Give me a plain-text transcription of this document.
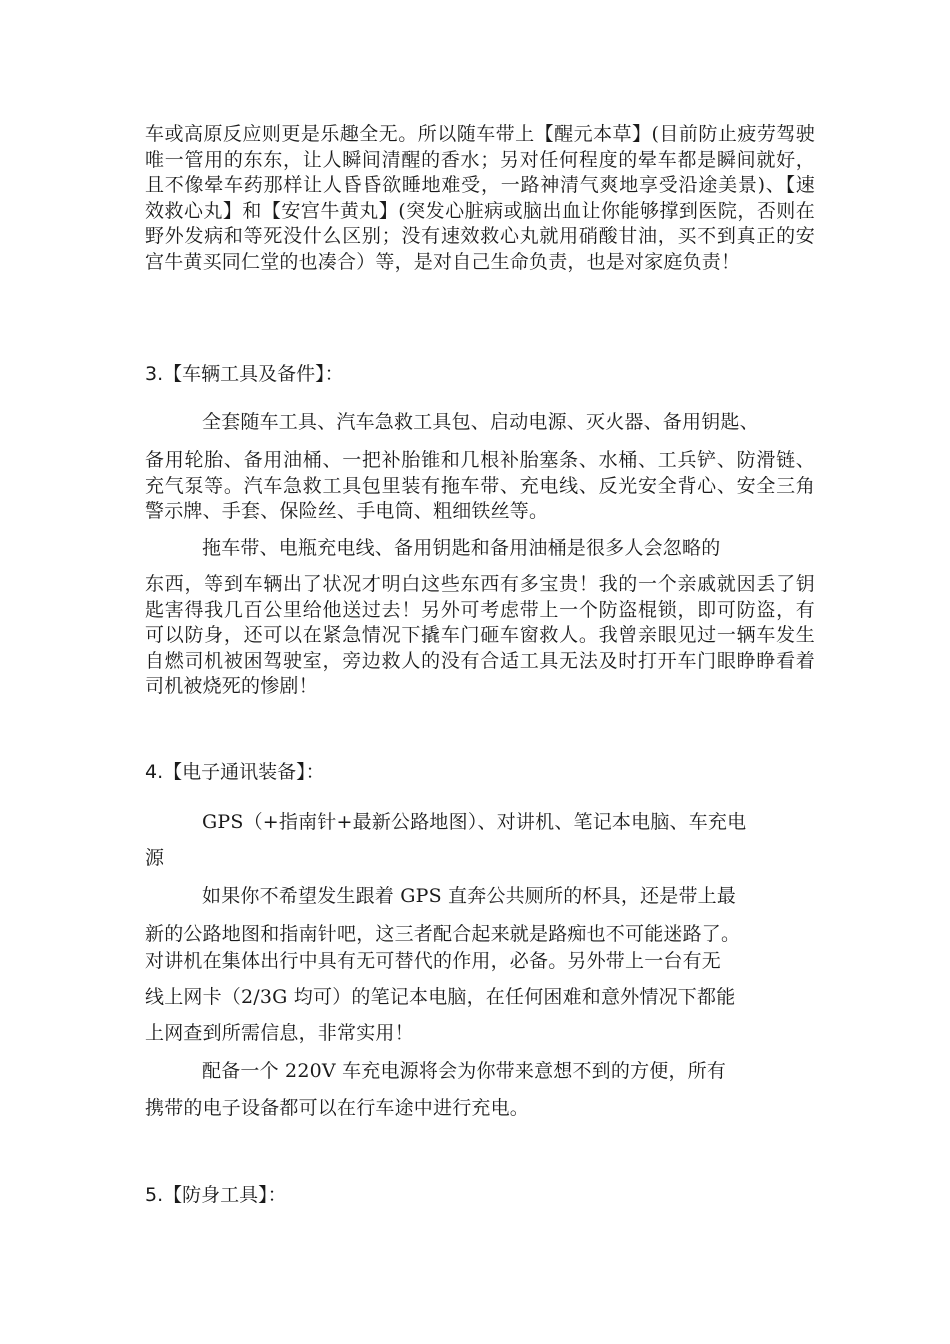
车或高原反应则更是乐趣全无。所以随车带上【醒元本草】(目前防止疲劳驾驶唯一管用的东东，让人瞬间清醒的香水；另对任何程度的晕车都是瞬间就好，且不像晕车药那样让人昏昏欲睡地难受，一路神清气爽地享受沿途美景)、【速效救心丸】和【安宫牛黄丸】(突发心脏病或脑出血让你能够撑到医院，否则在野外发病和等死没什么区别；没有速效救心丸就用硝酸甘油，买不到真正的安宫牛黄买同仁堂的也凑合）等，是对自己生命负责，也是对家庭负责！

3.【车辆工具及备件】：

全套随车工具、汽车急救工具包、启动电源、灭火器、备用钥匙、

备用轮胎、备用油桶、一把补胎锥和几根补胎塞条、水桶、工兵铲、防滑链、充气泵等。汽车急救工具包里装有拖车带、充电线、反光安全背心、安全三角警示牌、手套、保险丝、手电筒、粗细铁丝等。

拖车带、电瓶充电线、备用钥匙和备用油桶是很多人会忽略的

东西，等到车辆出了状况才明白这些东西有多宝贵！我的一个亲戚就因丢了钥匙害得我几百公里给他送过去！另外可考虑带上一个防盗棍锁，即可防盗，有可以防身，还可以在紧急情况下撬车门砸车窗救人。我曾亲眼见过一辆车发生自燃司机被困驾驶室，旁边救人的没有合适工具无法及时打开车门眼睁睁看着司机被烧死的惨剧！

4.【电子通讯装备】：

GPS（+指南针+最新公路地图）、对讲机、笔记本电脑、车充电

源

如果你不希望发生跟着 GPS 直奔公共厕所的杯具，还是带上最

新的公路地图和指南针吧，这三者配合起来就是路痴也不可能迷路了。

对讲机在集体出行中具有无可替代的作用，必备。另外带上一台有无

线上网卡（2/3G 均可）的笔记本电脑，在任何困难和意外情况下都能

上网查到所需信息，非常实用！

配备一个 220V 车充电源将会为你带来意想不到的方便，所有

携带的电子设备都可以在行车途中进行充电。

5.【防身工具】：
